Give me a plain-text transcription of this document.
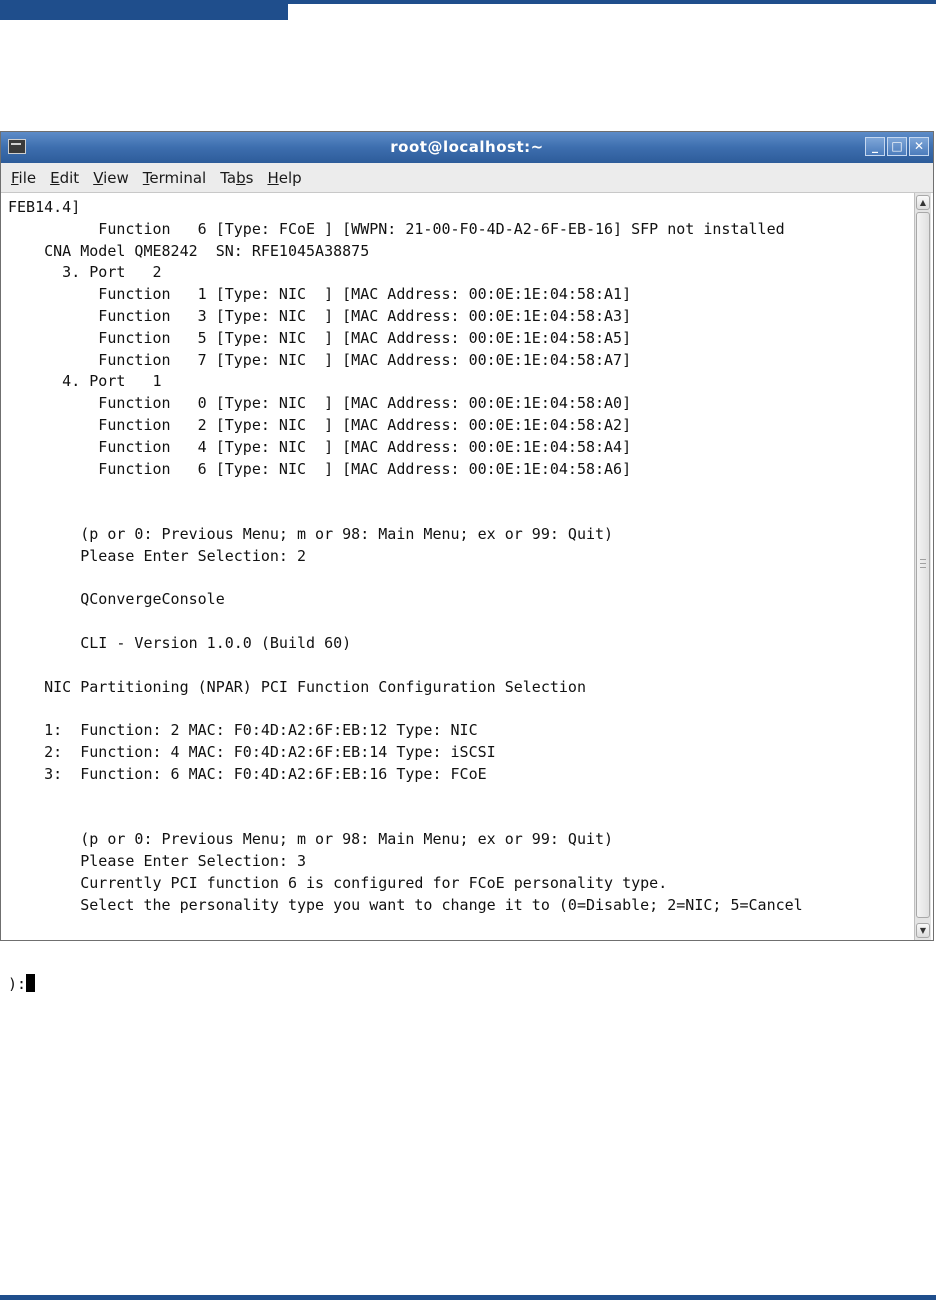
root@localhost:~	_	□ ✕
File Edit View Terminal Tabs Help
FEB14.4]
Function   6 [Type: FCoE ] [WWPN: 21-00-F0-4D-A2-6F-EB-16] SFP not installed
CNA Model QME8242  SN: RFE1045A38875
3. Port   2
Function   1 [Type: NIC  ] [MAC Address: 00:0E:1E:04:58:A1]
Function   3 [Type: NIC  ] [MAC Address: 00:0E:1E:04:58:A3]
Function   5 [Type: NIC  ] [MAC Address: 00:0E:1E:04:58:A5]
Function   7 [Type: NIC  ] [MAC Address: 00:0E:1E:04:58:A7]
4. Port   1
Function   0 [Type: NIC  ] [MAC Address: 00:0E:1E:04:58:A0]
Function   2 [Type: NIC  ] [MAC Address: 00:0E:1E:04:58:A2]
Function   4 [Type: NIC  ] [MAC Address: 00:0E:1E:04:58:A4]
Function   6 [Type: NIC  ] [MAC Address: 00:0E:1E:04:58:A6]

(p or 0: Previous Menu; m or 98: Main Menu; ex or 99: Quit)
Please Enter Selection: 2

QConvergeConsole

CLI - Version 1.0.0 (Build 60)

NIC Partitioning (NPAR) PCI Function Configuration Selection

1:  Function: 2 MAC: F0:4D:A2:6F:EB:12 Type: NIC
2:  Function: 4 MAC: F0:4D:A2:6F:EB:14 Type: iSCSI
3:  Function: 6 MAC: F0:4D:A2:6F:EB:16 Type: FCoE

(p or 0: Previous Menu; m or 98: Main Menu; ex or 99: Quit)
Please Enter Selection: 3
Currently PCI function 6 is configured for FCoE personality type.
Select the personality type you want to change it to (0=Disable; 2=NIC; 5=Cancel
):
▲
▼
